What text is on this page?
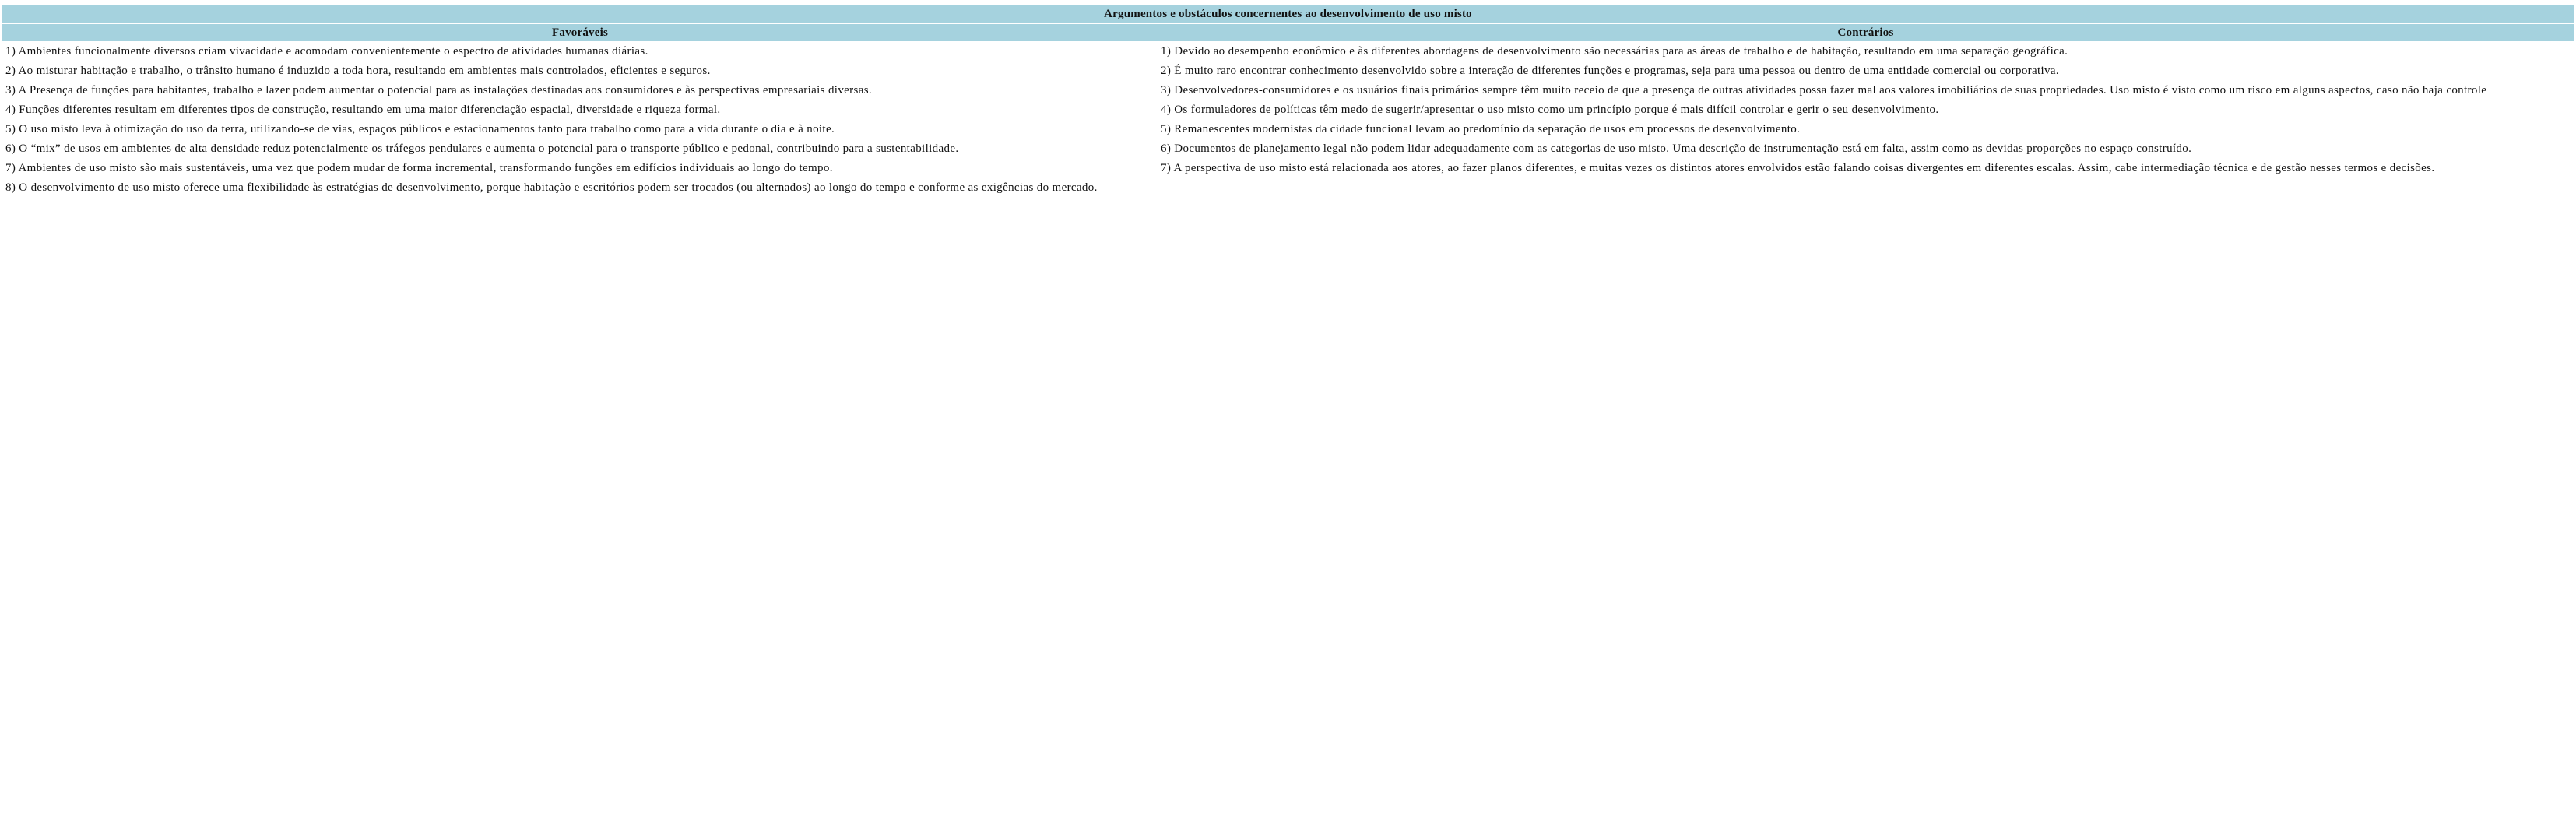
Argumentos e obstáculos concernentes ao desenvolvimento de uso misto	
Favoráveis	Contrários
1) Ambientes funcionalmente diversos criam vivacidade e acomodam convenientemente o espectro de atividades humanas diárias.	1) Devido ao desempenho econômico e às diferentes abordagens de desenvolvimento são necessárias para as áreas de trabalho e de habitação, resultando em uma separação geográfica.
2) Ao misturar habitação e trabalho, o trânsito humano é induzido a toda hora, resultando em ambientes mais controlados, eficientes e seguros.	2) É muito raro encontrar conhecimento desenvolvido sobre a interação de diferentes funções e programas, seja para uma pessoa ou dentro de uma entidade comercial ou corporativa.
3) A Presença de funções para habitantes, trabalho e lazer podem aumentar o potencial para as instalações destinadas aos consumidores e às perspectivas empresariais diversas.	3) Desenvolvedores-consumidores e os usuários finais primários sempre têm muito receio de que a presença de outras atividades possa fazer mal aos valores imobiliários de suas propriedades. Uso misto é visto como um risco em alguns aspectos, caso não haja controle
4) Funções diferentes resultam em diferentes tipos de construção, resultando em uma maior diferenciação espacial, diversidade e riqueza formal.	4) Os formuladores de políticas têm medo de sugerir/apresentar o uso misto como um princípio porque é mais difícil controlar e gerir o seu desenvolvimento.
5) O uso misto leva à otimização do uso da terra, utilizando-se de vias, espaços públicos e estacionamentos tanto para trabalho como para a vida durante o dia e à noite.	5) Remanescentes modernistas da cidade funcional levam ao predomínio da separação de usos em processos de desenvolvimento.
6) O “mix” de usos em ambientes de alta densidade reduz potencialmente os tráfegos pendulares e aumenta o potencial para o transporte público e pedonal, contribuindo para a sustentabilidade.	6) Documentos de planejamento legal não podem lidar adequadamente com as categorias de uso misto. Uma descrição de instrumentação está em falta, assim como as devidas proporções no espaço construído.
7) Ambientes de uso misto são mais sustentáveis, uma vez que podem mudar de forma incremental, transformando funções em edifícios individuais ao longo do tempo.	7) A perspectiva de uso misto está relacionada aos atores, ao fazer planos diferentes, e muitas vezes os distintos atores envolvidos estão falando coisas divergentes em diferentes escalas. Assim, cabe intermediação técnica e de gestão nesses termos e decisões.
8) O desenvolvimento de uso misto oferece uma flexibilidade às estratégias de desenvolvimento, porque habitação e escritórios podem ser trocados (ou alternados) ao longo do tempo e conforme as exigências do mercado.	
